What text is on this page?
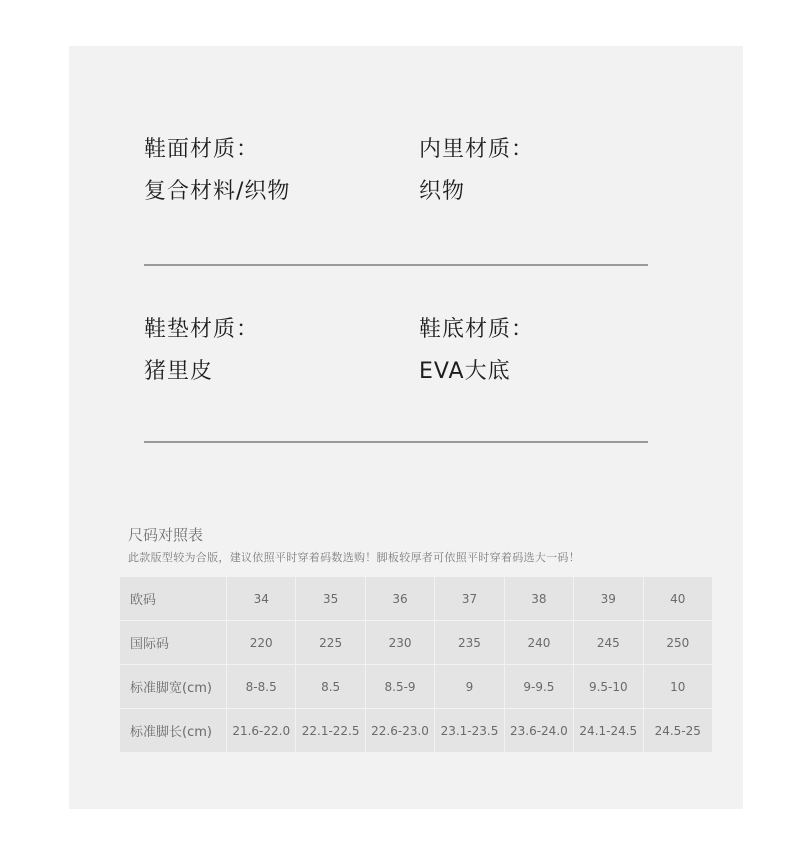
鞋面材质：
复合材料/织物
内里材质：
织物
鞋垫材质：
猪里皮
鞋底材质：
EVA大底
尺码对照表
此款版型较为合版，建议依照平时穿着码数选购！脚板较厚者可依照平时穿着码选大一码！
欧码	34	35	36	37	38	39	40
国际码	220	225	230	235	240	245	250
标准脚宽(cm)	8-8.5	8.5	8.5-9	9	9-9.5	9.5-10	10
标准脚长(cm)	21.6-22.0	22.1-22.5	22.6-23.0	23.1-23.5	23.6-24.0	24.1-24.5	24.5-25
